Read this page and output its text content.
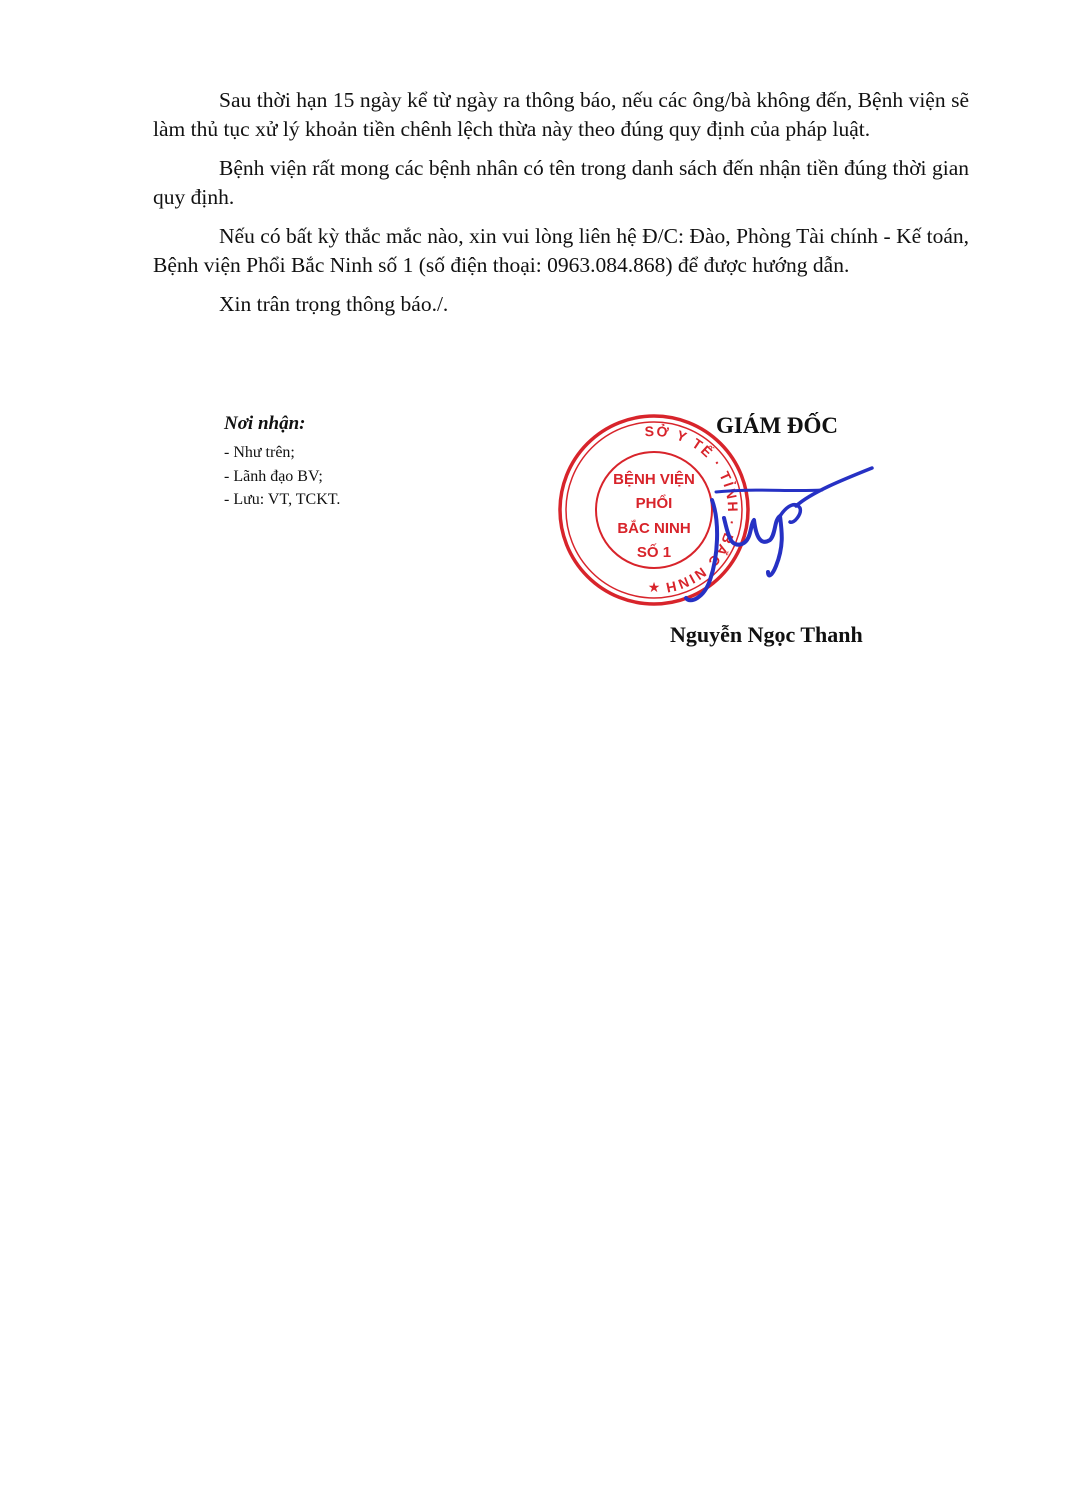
Sau thời hạn 15 ngày kể từ ngày ra thông báo, nếu các ông/bà không đến, Bệnh viện sẽ làm thủ tục xử lý khoản tiền chênh lệch thừa này theo đúng quy định của pháp luật.

Bệnh viện rất mong các bệnh nhân có tên trong danh sách đến nhận tiền đúng thời gian quy định.

Nếu có bất kỳ thắc mắc nào, xin vui lòng liên hệ Đ/C: Đào, Phòng Tài chính - Kế toán, Bệnh viện Phổi Bắc Ninh số 1 (số điện thoại: 0963.084.868) để được hướng dẫn.

Xin trân trọng thông báo./.

Nơi nhận:

- Như trên;
- Lãnh đạo BV;
- Lưu: VT, TCKT.

GIÁM ĐỐC

SỞ Y TẾ · TỈNH · BẮC NINH
BỆNH VIỆN
PHỔI
BẮC NINH
SỐ 1
★

Nguyễn Ngọc Thanh
